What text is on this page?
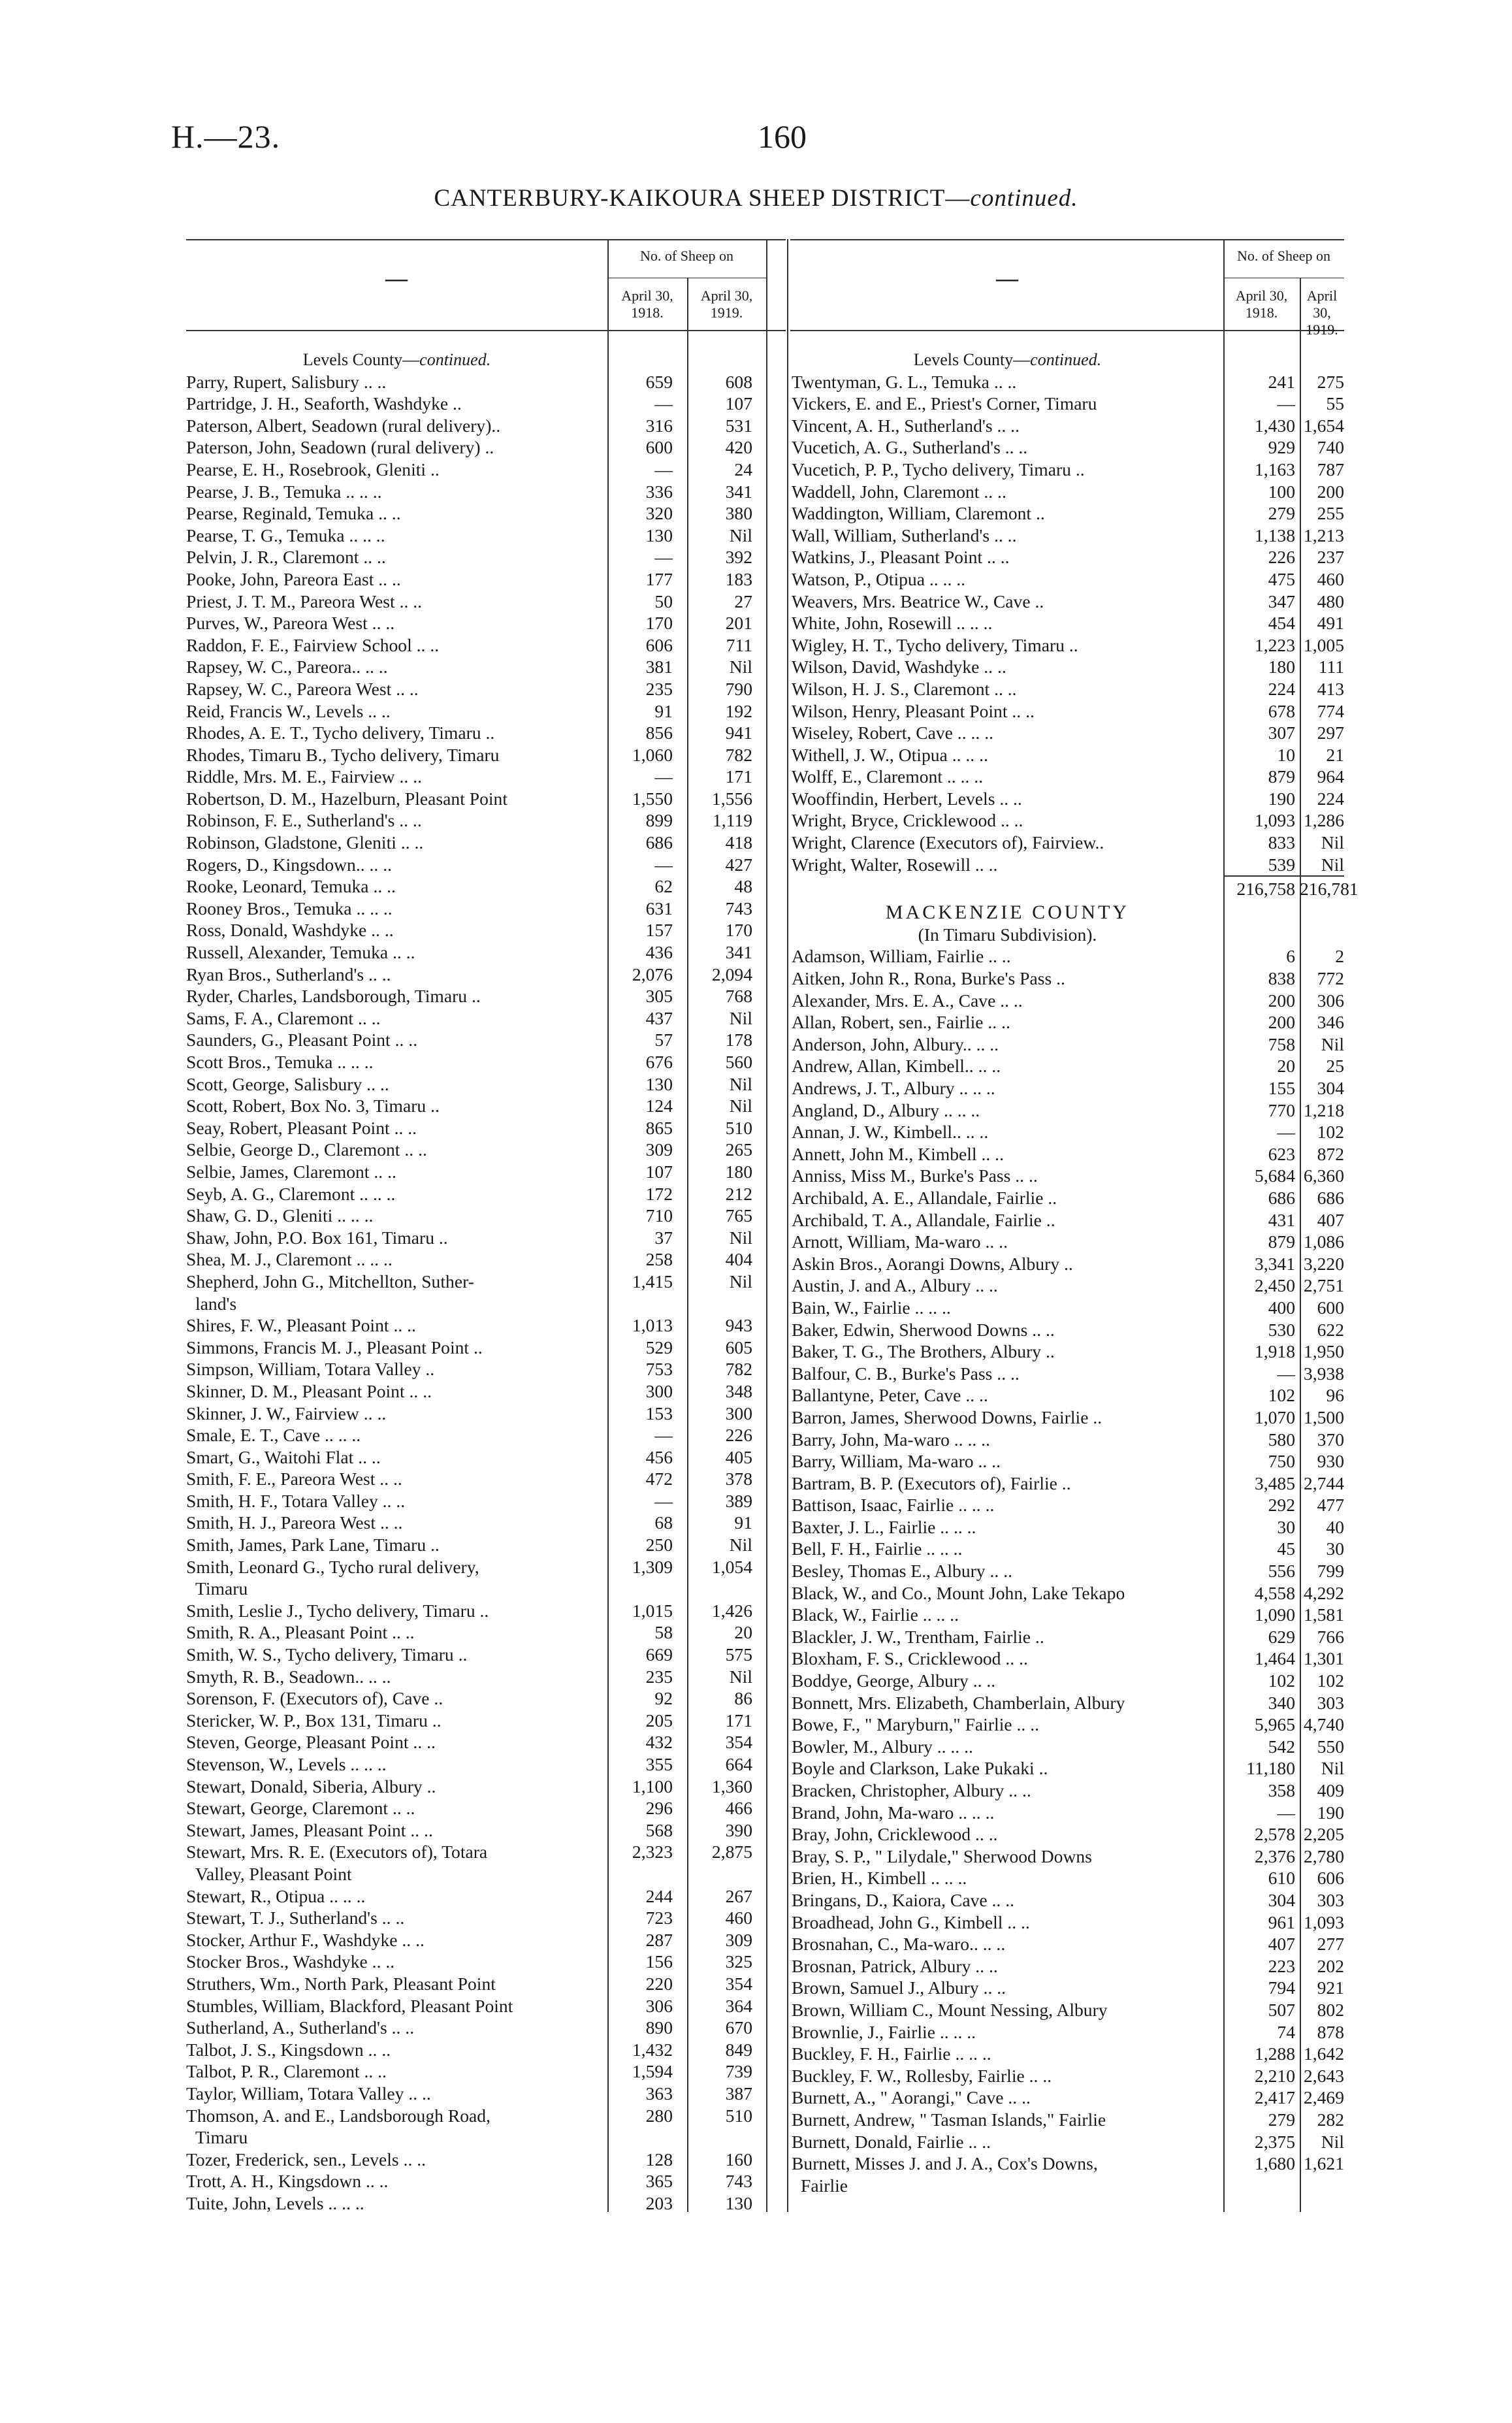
H.—23.	160
CANTERBURY-KAIKOURA SHEEP DISTRICT—continued.
No. of Sheep on
April 30, 1918.
April 30, 1919.
No. of Sheep on
April 30, 1918.
April 30, 1919.
—	—
Levels County—continued.
Parry, Rupert, Salisbury .. ..	659	608
Partridge, J. H., Seaforth, Washdyke ..	—	107
Paterson, Albert, Seadown (rural delivery)..	316	531
Paterson, John, Seadown (rural delivery) ..	600	420
Pearse, E. H., Rosebrook, Gleniti ..	—	24
Pearse, J. B., Temuka .. .. ..	336	341
Pearse, Reginald, Temuka .. ..	320	380
Pearse, T. G., Temuka .. .. ..	130	Nil
Pelvin, J. R., Claremont .. ..	—	392
Pooke, John, Pareora East .. ..	177	183
Priest, J. T. M., Pareora West .. ..	50	27
Purves, W., Pareora West .. ..	170	201
Raddon, F. E., Fairview School .. ..	606	711
Rapsey, W. C., Pareora.. .. ..	381	Nil
Rapsey, W. C., Pareora West .. ..	235	790
Reid, Francis W., Levels .. ..	91	192
Rhodes, A. E. T., Tycho delivery, Timaru ..	856	941
Rhodes, Timaru B., Tycho delivery, Timaru	1,060	782
Riddle, Mrs. M. E., Fairview .. ..	—	171
Robertson, D. M., Hazelburn, Pleasant Point	1,550	1,556
Robinson, F. E., Sutherland's .. ..	899	1,119
Robinson, Gladstone, Gleniti .. ..	686	418
Rogers, D., Kingsdown.. .. ..	—	427
Rooke, Leonard, Temuka .. ..	62	48
Rooney Bros., Temuka .. .. ..	631	743
Ross, Donald, Washdyke .. ..	157	170
Russell, Alexander, Temuka .. ..	436	341
Ryan Bros., Sutherland's .. ..	2,076	2,094
Ryder, Charles, Landsborough, Timaru ..	305	768
Sams, F. A., Claremont .. ..	437	Nil
Saunders, G., Pleasant Point .. ..	57	178
Scott Bros., Temuka .. .. ..	676	560
Scott, George, Salisbury .. ..	130	Nil
Scott, Robert, Box No. 3, Timaru ..	124	Nil
Seay, Robert, Pleasant Point .. ..	865	510
Selbie, George D., Claremont .. ..	309	265
Selbie, James, Claremont .. ..	107	180
Seyb, A. G., Claremont .. .. ..	172	212
Shaw, G. D., Gleniti .. .. ..	710	765
Shaw, John, P.O. Box 161, Timaru ..	37	Nil
Shea, M. J., Claremont .. .. ..	258	404
Shepherd, John G., Mitchellton, Suther-	1,415	Nil
land's
Shires, F. W., Pleasant Point .. ..	1,013	943
Simmons, Francis M. J., Pleasant Point ..	529	605
Simpson, William, Totara Valley ..	753	782
Skinner, D. M., Pleasant Point .. ..	300	348
Skinner, J. W., Fairview .. ..	153	300
Smale, E. T., Cave .. .. ..	—	226
Smart, G., Waitohi Flat .. ..	456	405
Smith, F. E., Pareora West .. ..	472	378
Smith, H. F., Totara Valley .. ..	—	389
Smith, H. J., Pareora West .. ..	68	91
Smith, James, Park Lane, Timaru ..	250	Nil
Smith, Leonard G., Tycho rural delivery,	1,309	1,054
Timaru
Smith, Leslie J., Tycho delivery, Timaru ..	1,015	1,426
Smith, R. A., Pleasant Point .. ..	58	20
Smith, W. S., Tycho delivery, Timaru ..	669	575
Smyth, R. B., Seadown.. .. ..	235	Nil
Sorenson, F. (Executors of), Cave ..	92	86
Stericker, W. P., Box 131, Timaru ..	205	171
Steven, George, Pleasant Point .. ..	432	354
Stevenson, W., Levels .. .. ..	355	664
Stewart, Donald, Siberia, Albury ..	1,100	1,360
Stewart, George, Claremont .. ..	296	466
Stewart, James, Pleasant Point .. ..	568	390
Stewart, Mrs. R. E. (Executors of), Totara	2,323	2,875
Valley, Pleasant Point
Stewart, R., Otipua .. .. ..	244	267
Stewart, T. J., Sutherland's .. ..	723	460
Stocker, Arthur F., Washdyke .. ..	287	309
Stocker Bros., Washdyke .. ..	156	325
Struthers, Wm., North Park, Pleasant Point	220	354
Stumbles, William, Blackford, Pleasant Point	306	364
Sutherland, A., Sutherland's .. ..	890	670
Talbot, J. S., Kingsdown .. ..	1,432	849
Talbot, P. R., Claremont .. ..	1,594	739
Taylor, William, Totara Valley .. ..	363	387
Thomson, A. and E., Landsborough Road,	280	510
Timaru
Tozer, Frederick, sen., Levels .. ..	128	160
Trott, A. H., Kingsdown .. ..	365	743
Tuite, John, Levels .. .. ..	203	130
Levels County—continued.
Twentyman, G. L., Temuka .. ..	241	275
Vickers, E. and E., Priest's Corner, Timaru	—	55
Vincent, A. H., Sutherland's .. ..	1,430 1,654
Vucetich, A. G., Sutherland's .. ..	929	740
Vucetich, P. P., Tycho delivery, Timaru ..	1,163	787
Waddell, John, Claremont .. ..	100	200
Waddington, William, Claremont ..	279	255
Wall, William, Sutherland's .. ..	1,138 1,213
Watkins, J., Pleasant Point .. ..	226	237
Watson, P., Otipua .. .. ..	475	460
Weavers, Mrs. Beatrice W., Cave ..	347	480
White, John, Rosewill .. .. ..	454	491
Wigley, H. T., Tycho delivery, Timaru ..	1,223 1,005
Wilson, David, Washdyke .. ..	180	111
Wilson, H. J. S., Claremont .. ..	224	413
Wilson, Henry, Pleasant Point .. ..	678	774
Wiseley, Robert, Cave .. .. ..	307	297
Withell, J. W., Otipua .. .. ..	10	21
Wolff, E., Claremont .. .. ..	879	964
Wooffindin, Herbert, Levels .. ..	190	224
Wright, Bryce, Cricklewood .. ..	1,093 1,286
Wright, Clarence (Executors of), Fairview..	833	Nil
Wright, Walter, Rosewill .. ..	539	Nil
216,758 216,781
MACKENZIE COUNTY
(In Timaru Subdivision).
Adamson, William, Fairlie .. ..	6	2
Aitken, John R., Rona, Burke's Pass ..	838	772
Alexander, Mrs. E. A., Cave .. ..	200	306
Allan, Robert, sen., Fairlie .. ..	200	346
Anderson, John, Albury.. .. ..	758	Nil
Andrew, Allan, Kimbell.. .. ..	20	25
Andrews, J. T., Albury .. .. ..	155	304
Angland, D., Albury .. .. ..	770 1,218
Annan, J. W., Kimbell.. .. ..	—	102
Annett, John M., Kimbell .. ..	623	872
Anniss, Miss M., Burke's Pass .. ..	5,684 6,360
Archibald, A. E., Allandale, Fairlie ..	686	686
Archibald, T. A., Allandale, Fairlie ..	431	407
Arnott, William, Ma-waro .. ..	879 1,086
Askin Bros., Aorangi Downs, Albury ..	3,341 3,220
Austin, J. and A., Albury .. ..	2,450 2,751
Bain, W., Fairlie .. .. ..	400	600
Baker, Edwin, Sherwood Downs .. ..	530	622
Baker, T. G., The Brothers, Albury ..	1,918 1,950
Balfour, C. B., Burke's Pass .. ..	— 3,938
Ballantyne, Peter, Cave .. ..	102	96
Barron, James, Sherwood Downs, Fairlie ..	1,070 1,500
Barry, John, Ma-waro .. .. ..	580	370
Barry, William, Ma-waro .. ..	750	930
Bartram, B. P. (Executors of), Fairlie ..	3,485 2,744
Battison, Isaac, Fairlie .. .. ..	292	477
Baxter, J. L., Fairlie .. .. ..	30	40
Bell, F. H., Fairlie .. .. ..	45	30
Besley, Thomas E., Albury .. ..	556	799
Black, W., and Co., Mount John, Lake Tekapo	4,558 4,292
Black, W., Fairlie .. .. ..	1,090 1,581
Blackler, J. W., Trentham, Fairlie ..	629	766
Bloxham, F. S., Cricklewood .. ..	1,464 1,301
Boddye, George, Albury .. ..	102	102
Bonnett, Mrs. Elizabeth, Chamberlain, Albury	340	303
Bowe, F., " Maryburn," Fairlie .. ..	5,965 4,740
Bowler, M., Albury .. .. ..	542	550
Boyle and Clarkson, Lake Pukaki ..	11,180	Nil
Bracken, Christopher, Albury .. ..	358	409
Brand, John, Ma-waro .. .. ..	—	190
Bray, John, Cricklewood .. ..	2,578 2,205
Bray, S. P., " Lilydale," Sherwood Downs	2,376 2,780
Brien, H., Kimbell .. .. ..	610	606
Bringans, D., Kaiora, Cave .. ..	304	303
Broadhead, John G., Kimbell .. ..	961 1,093
Brosnahan, C., Ma-waro.. .. ..	407	277
Brosnan, Patrick, Albury .. ..	223	202
Brown, Samuel J., Albury .. ..	794	921
Brown, William C., Mount Nessing, Albury	507	802
Brownlie, J., Fairlie .. .. ..	74	878
Buckley, F. H., Fairlie .. .. ..	1,288 1,642
Buckley, F. W., Rollesby, Fairlie .. ..	2,210 2,643
Burnett, A., " Aorangi," Cave .. ..	2,417 2,469
Burnett, Andrew, " Tasman Islands," Fairlie	279	282
Burnett, Donald, Fairlie .. ..	2,375	Nil
Burnett, Misses J. and J. A., Cox's Downs,	1,680 1,621
Fairlie
